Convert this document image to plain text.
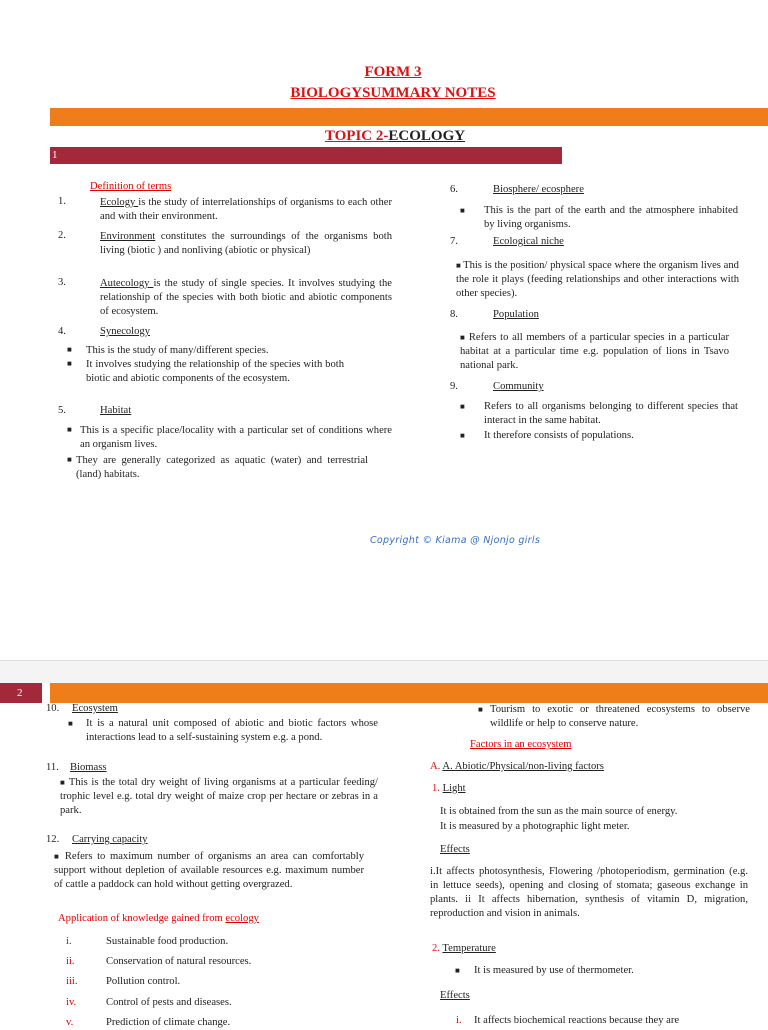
FORM 3
BIOLOGYSUMMARY NOTES
TOPIC 2-ECOLOGY
1
Definition of terms
1.	Ecology is the study of interrelationships of organisms to each other and with their environment.
2.	Environment constitutes the surroundings of the organisms both living (biotic ) and nonliving (abiotic or physical)
3.	Autecology is the study of single species. It involves studying the relationship of the species with both biotic and abiotic components of ecosystem.
4.	Synecology
■ This is the study of many/different species.
■ It involves studying the relationship of the species with both biotic and abiotic components of the ecosystem.
5.	Habitat
■ This is a specific place/locality with a particular set of conditions where an organism lives.
■ They are generally categorized as aquatic (water) and terrestrial (land) habitats.
6.	Biosphere/ ecosphere
■ This is the part of the earth and the atmosphere inhabited by living organisms.
7.	Ecological niche
■ This is the position/ physical space where the organism lives and the role it plays (feeding relationships and other interactions with other species).
8.	Population
■ Refers to all members of a particular species in a particular habitat at a particular time e.g. population of lions in Tsavo national park.
9.	Community
■ Refers to all organisms belonging to different species that interact in the same habitat.
■ It therefore consists of populations.
Copyright © Kiama @ Njonjo girls
2
10. Ecosystem
■ It is a natural unit composed of abiotic and biotic factors whose interactions lead to a self-sustaining system e.g. a pond.
11. Biomass
■ This is the total dry weight of living organisms at a particular feeding/ trophic level e.g. total dry weight of maize crop per hectare or zebras in a park.
12. Carrying capacity
■ Refers to maximum number of organisms an area can comfortably support without depletion of available resources e.g. maximum number of cattle a paddock can hold without getting overgrazed.
Application of knowledge gained from ecology
i.	Sustainable food production.
ii.	Conservation of natural resources.
iii.	Pollution control.
iv.	Control of pests and diseases.
v.	Prediction of climate change.
■ Tourism to exotic or threatened ecosystems to observe wildlife or help to conserve nature.
Factors in an ecosystem
A. A. Abiotic/Physical/non-living factors
1. Light
It is obtained from the sun as the main source of energy.
It is measured by a photographic light meter.
Effects
i.It affects photosynthesis, Flowering /photoperiodism, germination (e.g. in lettuce seeds), opening and closing of stomata; gaseous exchange in plants. ii It affects hibernation, synthesis of vitamin D, migration, reproduction and vision in animals.
2. Temperature
■ It is measured by use of thermometer.
Effects
i. It affects biochemical reactions because they are
